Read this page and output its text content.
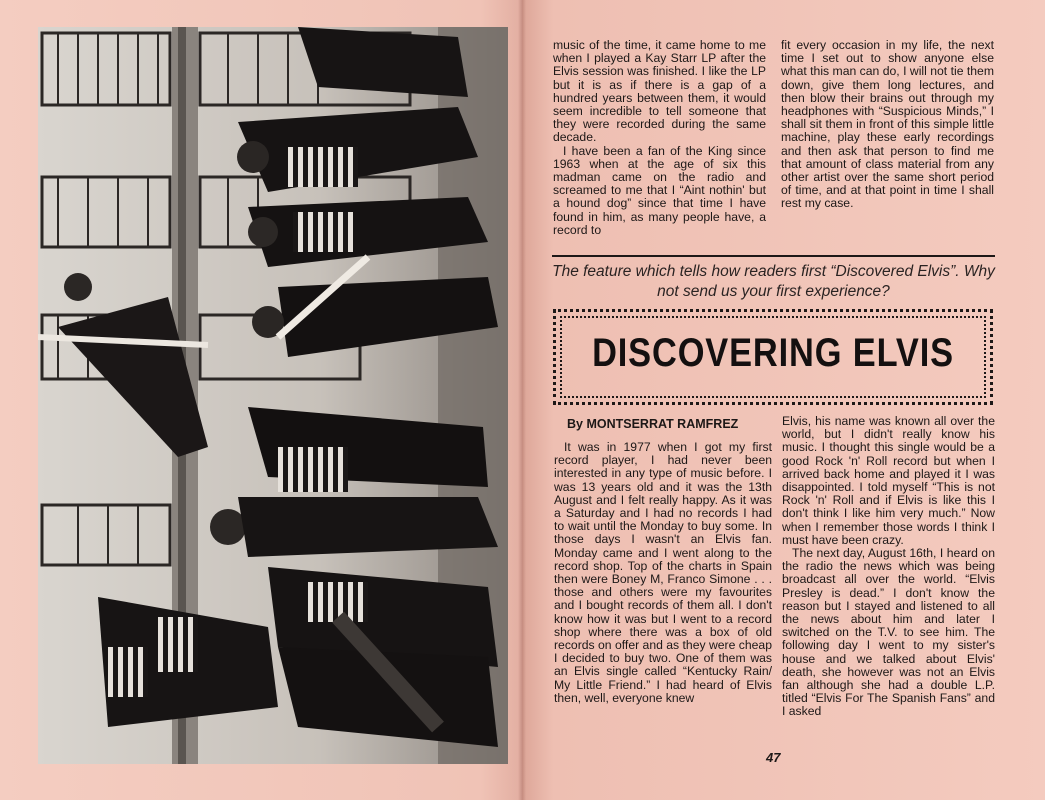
music of the time, it came home to me when I played a Kay Starr LP after the Elvis session was finished. I like the LP but it is as if there is a gap of a hundred years between them, it would seem incredible to tell someone that they were recorded during the same decade.

I have been a fan of the King since 1963 when at the age of six this madman came on the radio and screamed to me that I “Aint nothin' but a hound dog” since that time I have found in him, as many people have, a record to

fit every occasion in my life, the next time I set out to show anyone else what this man can do, I will not tie them down, give them long lectures, and then blow their brains out through my headphones with “Suspicious Minds,” I shall sit them in front of this simple little machine, play these early recordings and then ask that person to find me that amount of class material from any other artist over the same short period of time, and at that point in time I shall rest my case.

The feature which tells how readers first “Discovered Elvis”. Why not send us your first experience?
DISCOVERING ELVIS
By MONTSERRAT RAMFREZ

It was in 1977 when I got my first record player, I had never been interested in any type of music before. I was 13 years old and it was the 13th August and I felt really happy. As it was a Saturday and I had no records I had to wait until the Monday to buy some. In those days I wasn't an Elvis fan. Monday came and I went along to the record shop. Top of the charts in Spain then were Boney M, Franco Simone . . . those and others were my favourites and I bought records of them all. I don't know how it was but I went to a record shop where there was a box of old records on offer and as they were cheap I decided to buy two. One of them was an Elvis single called “Kentucky Rain/ My Little Friend.” I had heard of Elvis then, well, everyone knew

Elvis, his name was known all over the world, but I didn't really know his music. I thought this single would be a good Rock 'n' Roll record but when I arrived back home and played it I was disappointed. I told myself “This is not Rock 'n' Roll and if Elvis is like this I don't think I like him very much.” Now when I remember those words I think I must have been crazy.

The next day, August 16th, I heard on the radio the news which was being broadcast all over the world. “Elvis Presley is dead.” I don't know the reason but I stayed and listened to all the news about him and later I switched on the T.V. to see him. The following day I went to my sister's house and we talked about Elvis' death, she however was not an Elvis fan although she had a double L.P. titled “Elvis For The Spanish Fans” and I asked

47
